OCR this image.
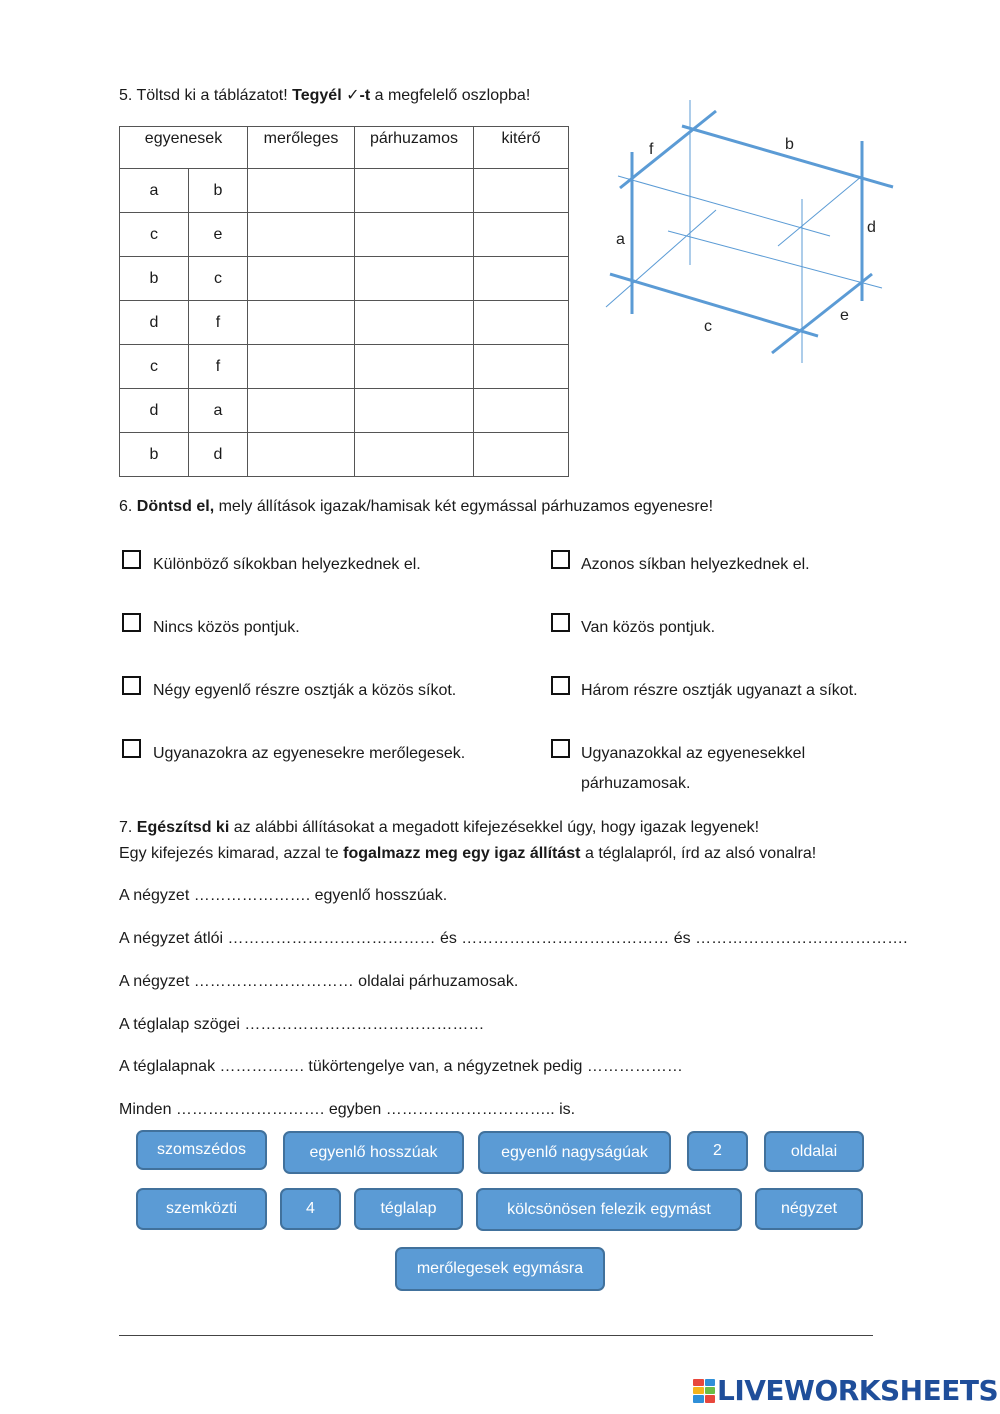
5. Töltsd ki a táblázatot! Tegyél ✓-t a megfelelő oszlopba!
egyenesek		merőleges	párhuzamos	kitérő
a	b			
c	e			
b	c			
d	f			
c	f			
d	a			
b	d			
f	b
a
d
c
e
6. Döntsd el, mely állítások igazak/hamisak két egymással párhuzamos egyenesre!
Különböző síkokban helyezkednek el.	Azonos síkban helyezkednek el.
Nincs közös pontjuk.	Van közös pontjuk.
Négy egyenlő részre osztják a közös síkot.	Három részre osztják ugyanazt a síkot.
Ugyanazokra az egyenesekre merőlegesek.	Ugyanazokkal az egyenesekkel
párhuzamosak.
7. Egészítsd ki az alábbi állításokat a megadott kifejezésekkel úgy, hogy igazak legyenek!
Egy kifejezés kimarad, azzal te fogalmazz meg egy igaz állítást a téglalapról, írd az alsó vonalra!
A négyzet …………………. egyenlő hosszúak.
A négyzet átlói ………………………………… és ………………………………… és ………………………………….
A négyzet ………………………… oldalai párhuzamosak.
A téglalap szögei ………………………………………
A téglalapnak ……………. tükörtengelye van, a négyzetnek pedig ………………
Minden ………………………. egyben ………………………….. is.
szomszédos	egyenlő hosszúak	egyenlő nagyságúak	2	oldalai
szemközti	4	téglalap	kölcsönösen felezik egymást	négyzet
merőlegesek egymásra
LIVEWORKSHEETS
